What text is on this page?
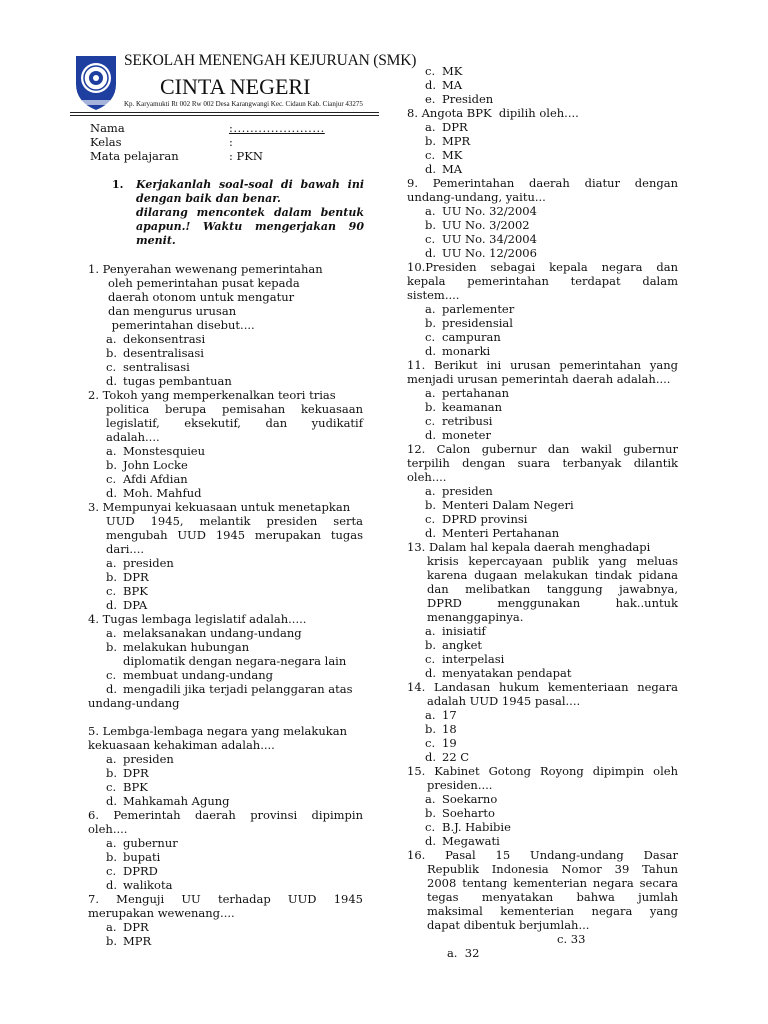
SEKOLAH MENENGAH KEJURUAN (SMK)
CINTA NEGERI
Kp. Karyamukti Rt 002 Rw 002 Desa Karangwangi Kec. Cidaun Kab. Cianjur 43275
Nama	:......................
Kelas	:
Mata pelajaran	: PKN
1. Kerjakanlah soal-soal di bawah ini
dengan baik dan benar.
dilarang mencontek dalam bentuk
apapun.! Waktu mengerjakan 90
menit.
1. Penyerahan wewenang pemerintahan
oleh pemerintahan pusat kepada
daerah otonom untuk mengatur
dan mengurus urusan
pemerintahan disebut....
a. dekonsentrasi
b. desentralisasi
c. sentralisasi
d. tugas pembantuan
2. Tokoh yang memperkenalkan teori trias
politica berupa pemisahan kekuasaan
legislatif, eksekutif, dan yudikatif
adalah....
a. Monstesquieu
b. John Locke
c. Afdi Afdian
d. Moh. Mahfud
3. Mempunyai kekuasaan untuk menetapkan
UUD 1945, melantik presiden serta
mengubah UUD 1945 merupakan tugas
dari....
a. presiden
b. DPR
c. BPK
d. DPA
4. Tugas lembaga legislatif adalah.....
a. melaksanakan undang-undang
b. melakukan hubungan
diplomatik dengan negara-negara lain
c. membuat undang-undang
d. mengadili jika terjadi pelanggaran atas
undang-undang
5. Lembga-lembaga negara yang melakukan
kekuasaan kehakiman adalah....
a. presiden
b. DPR
c. BPK
d. Mahkamah Agung
6. Pemerintah daerah provinsi dipimpin
oleh....
a. gubernur
b. bupati
c. DPRD
d. walikota
7. Menguji UU terhadap UUD 1945
merupakan wewenang....
a. DPR
b. MPR
c. MK
d. MA
e. Presiden
8. Angota BPK  dipilih oleh....
a. DPR
b. MPR
c. MK
d. MA
9. Pemerintahan daerah diatur dengan
undang-undang, yaitu...
a. UU No. 32/2004
b. UU No. 3/2002
c. UU No. 34/2004
d. UU No. 12/2006
10.Presiden sebagai kepala negara dan
kepala pemerintahan terdapat dalam
sistem....
a. parlementer
b. presidensial
c. campuran
d. monarki
11. Berikut ini urusan pemerintahan yang
menjadi urusan pemerintah daerah adalah....
a. pertahanan
b. keamanan
c. retribusi
d. moneter
12. Calon gubernur dan wakil gubernur
terpilih dengan suara terbanyak dilantik
oleh....
a. presiden
b. Menteri Dalam Negeri
c. DPRD provinsi
d. Menteri Pertahanan
13. Dalam hal kepala daerah menghadapi
krisis kepercayaan publik yang meluas
karena dugaan melakukan tindak pidana
dan melibatkan tanggung jawabnya,
DPRD menggunakan hak..untuk
menanggapinya.
a. inisiatif
b. angket
c. interpelasi
d. menyatakan pendapat
14. Landasan hukum kementeriaan negara
adalah UUD 1945 pasal....
a. 17
b. 18
c. 19
d. 22 C
15. Kabinet Gotong Royong dipimpin oleh
presiden....
a. Soekarno
b. Soeharto
c. B.J. Habibie
d. Megawati
16. Pasal 15 Undang-undang Dasar
Republik Indonesia Nomor 39 Tahun
2008 tentang kementerian negara secara
tegas menyatakan bahwa jumlah
maksimal kementerian negara yang
dapat dibentuk berjumlah...

a.  32

c. 33
